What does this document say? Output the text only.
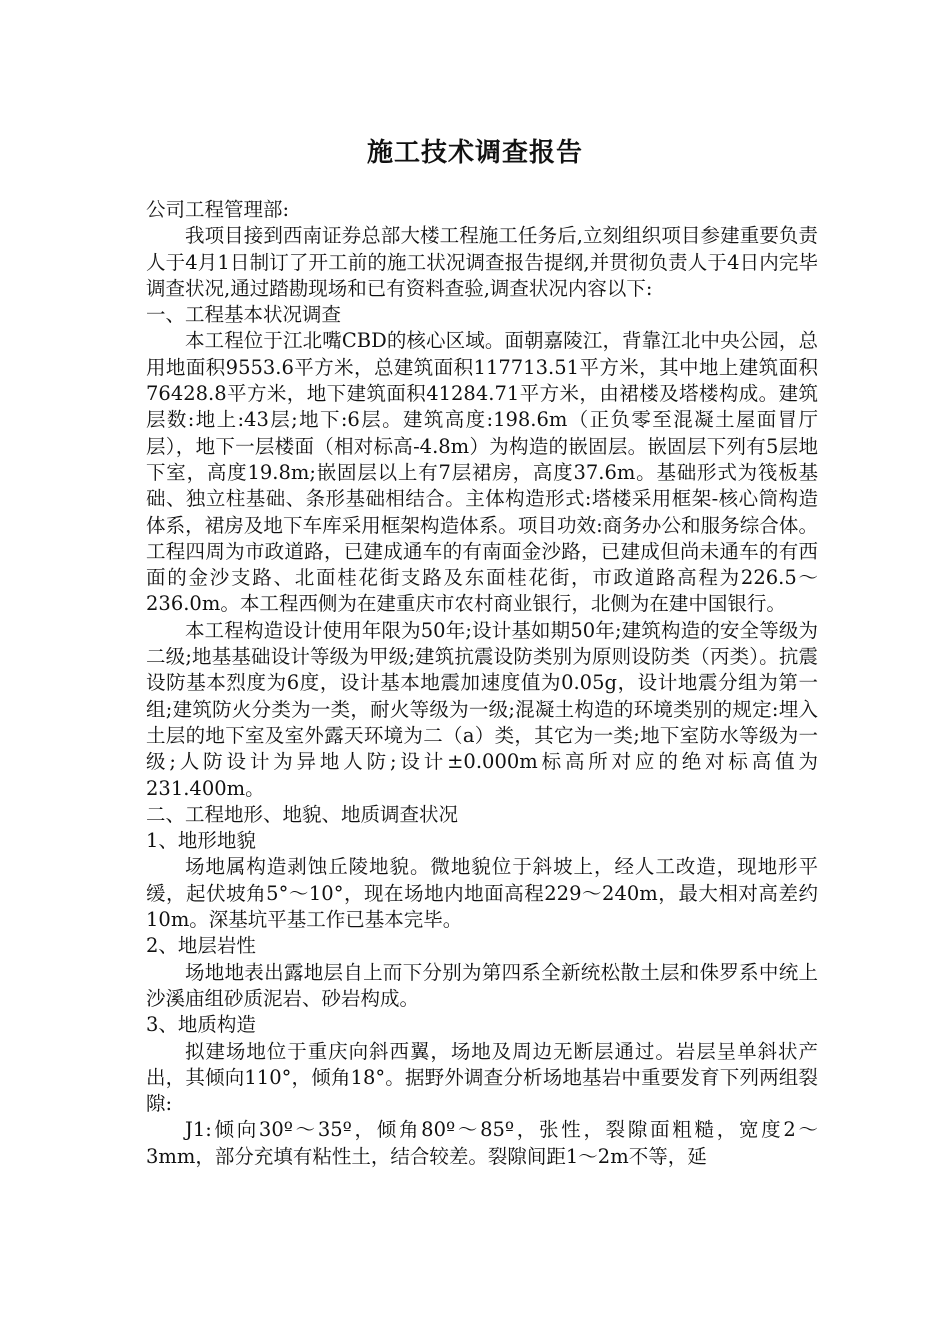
施工技术调查报告

公司工程管理部:

我项目接到西南证券总部大楼工程施工任务后,立刻组织项目参建重要负责人于4月1日制订了开工前的施工状况调查报告提纲,并贯彻负责人于4日内完毕调查状况,通过踏勘现场和已有资料查验,调查状况内容以下:

一、工程基本状况调查

本工程位于江北嘴CBD的核心区域。面朝嘉陵江，背靠江北中央公园，总用地面积9553.6平方米，总建筑面积117713.51平方米，其中地上建筑面积76428.8平方米，地下建筑面积41284.71平方米，由裙楼及塔楼构成。建筑层数:地上:43层;地下:6层。建筑高度:198.6m（正负零至混凝土屋面冒厅层），地下一层楼面（相对标高-4.8m）为构造的嵌固层。嵌固层下列有5层地下室，高度19.8m;嵌固层以上有7层裙房，高度37.6m。基础形式为筏板基础、独立柱基础、条形基础相结合。主体构造形式:塔楼采用框架-核心筒构造体系，裙房及地下车库采用框架构造体系。项目功效:商务办公和服务综合体。工程四周为市政道路，已建成通车的有南面金沙路，已建成但尚未通车的有西面的金沙支路、北面桂花街支路及东面桂花街，市政道路高程为226.5～236.0m。本工程西侧为在建重庆市农村商业银行，北侧为在建中国银行。

本工程构造设计使用年限为50年;设计基如期50年;建筑构造的安全等级为二级;地基基础设计等级为甲级;建筑抗震设防类别为原则设防类（丙类）。抗震设防基本烈度为6度，设计基本地震加速度值为0.05g，设计地震分组为第一组;建筑防火分类为一类，耐火等级为一级;混凝土构造的环境类别的规定:埋入土层的地下室及室外露天环境为二（a）类，其它为一类;地下室防水等级为一级;人防设计为异地人防;设计±0.000m标高所对应的绝对标高值为231.400m。

二、工程地形、地貌、地质调查状况

1、地形地貌

场地属构造剥蚀丘陵地貌。微地貌位于斜坡上，经人工改造，现地形平缓，起伏坡角5°～10°，现在场地内地面高程229～240m，最大相对高差约10m。深基坑平基工作已基本完毕。

2、地层岩性

场地地表出露地层自上而下分别为第四系全新统松散土层和侏罗系中统上沙溪庙组砂质泥岩、砂岩构成。

3、地质构造

拟建场地位于重庆向斜西翼，场地及周边无断层通过。岩层呈单斜状产出，其倾向110°，倾角18°。据野外调查分析场地基岩中重要发育下列两组裂隙:

J1:倾向30º～35º，倾角80º～85º，张性，裂隙面粗糙，宽度2～3mm，部分充填有粘性土，结合较差。裂隙间距1～2m不等，延
